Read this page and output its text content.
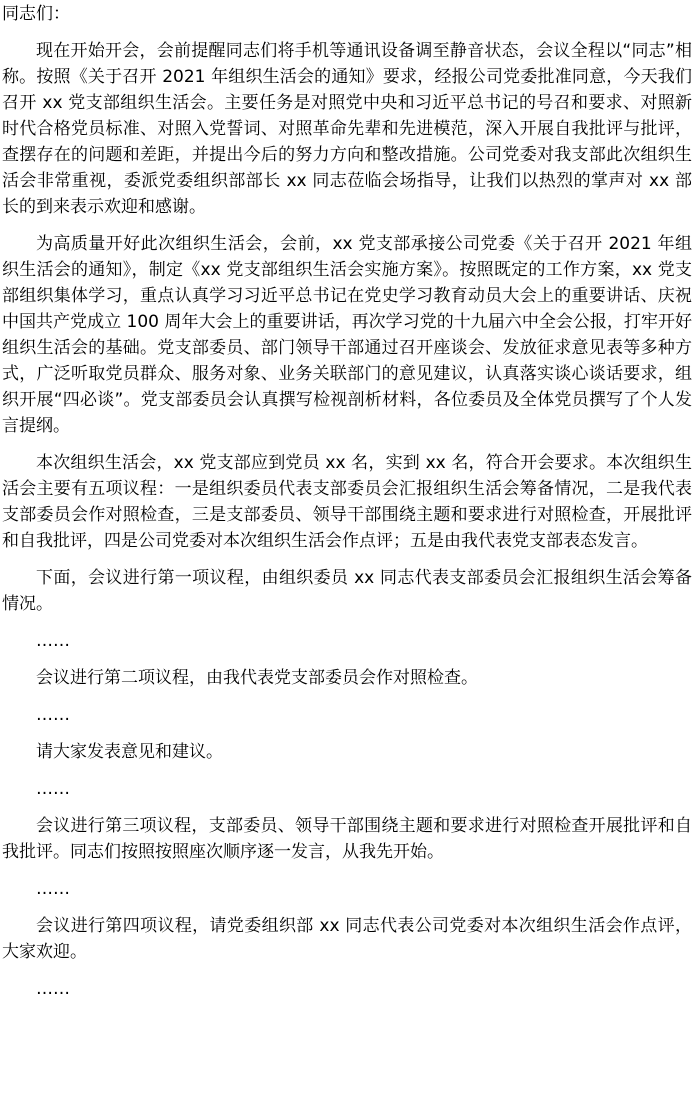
同志们：

现在开始开会，会前提醒同志们将手机等通讯设备调至静音状态，会议全程以“同志”相称。按照《关于召开 2021 年组织生活会的通知》要求，经报公司党委批准同意，今天我们召开 xx 党支部组织生活会。主要任务是对照党中央和习近平总书记的号召和要求、对照新时代合格党员标准、对照入党誓词、对照革命先辈和先进模范，深入开展自我批评与批评，查摆存在的问题和差距，并提出今后的努力方向和整改措施。公司党委对我支部此次组织生活会非常重视，委派党委组织部部长 xx 同志莅临会场指导，让我们以热烈的掌声对 xx 部长的到来表示欢迎和感谢。

为高质量开好此次组织生活会，会前，xx 党支部承接公司党委《关于召开 2021 年组织生活会的通知》，制定《xx 党支部组织生活会实施方案》。按照既定的工作方案，xx 党支部组织集体学习，重点认真学习习近平总书记在党史学习教育动员大会上的重要讲话、庆祝中国共产党成立 100 周年大会上的重要讲话，再次学习党的十九届六中全会公报，打牢开好组织生活会的基础。党支部委员、部门领导干部通过召开座谈会、发放征求意见表等多种方式，广泛听取党员群众、服务对象、业务关联部门的意见建议，认真落实谈心谈话要求，组织开展“四必谈”。党支部委员会认真撰写检视剖析材料，各位委员及全体党员撰写了个人发言提纲。

本次组织生活会，xx 党支部应到党员 xx 名，实到 xx 名，符合开会要求。本次组织生活会主要有五项议程：一是组织委员代表支部委员会汇报组织生活会筹备情况，二是我代表支部委员会作对照检查，三是支部委员、领导干部围绕主题和要求进行对照检查，开展批评和自我批评，四是公司党委对本次组织生活会作点评；五是由我代表党支部表态发言。

下面，会议进行第一项议程，由组织委员 xx 同志代表支部委员会汇报组织生活会筹备情况。

……

会议进行第二项议程，由我代表党支部委员会作对照检查。

……

请大家发表意见和建议。

……

会议进行第三项议程，支部委员、领导干部围绕主题和要求进行对照检查开展批评和自我批评。同志们按照按照座次顺序逐一发言，从我先开始。

……

会议进行第四项议程，请党委组织部 xx 同志代表公司党委对本次组织生活会作点评，大家欢迎。

……
